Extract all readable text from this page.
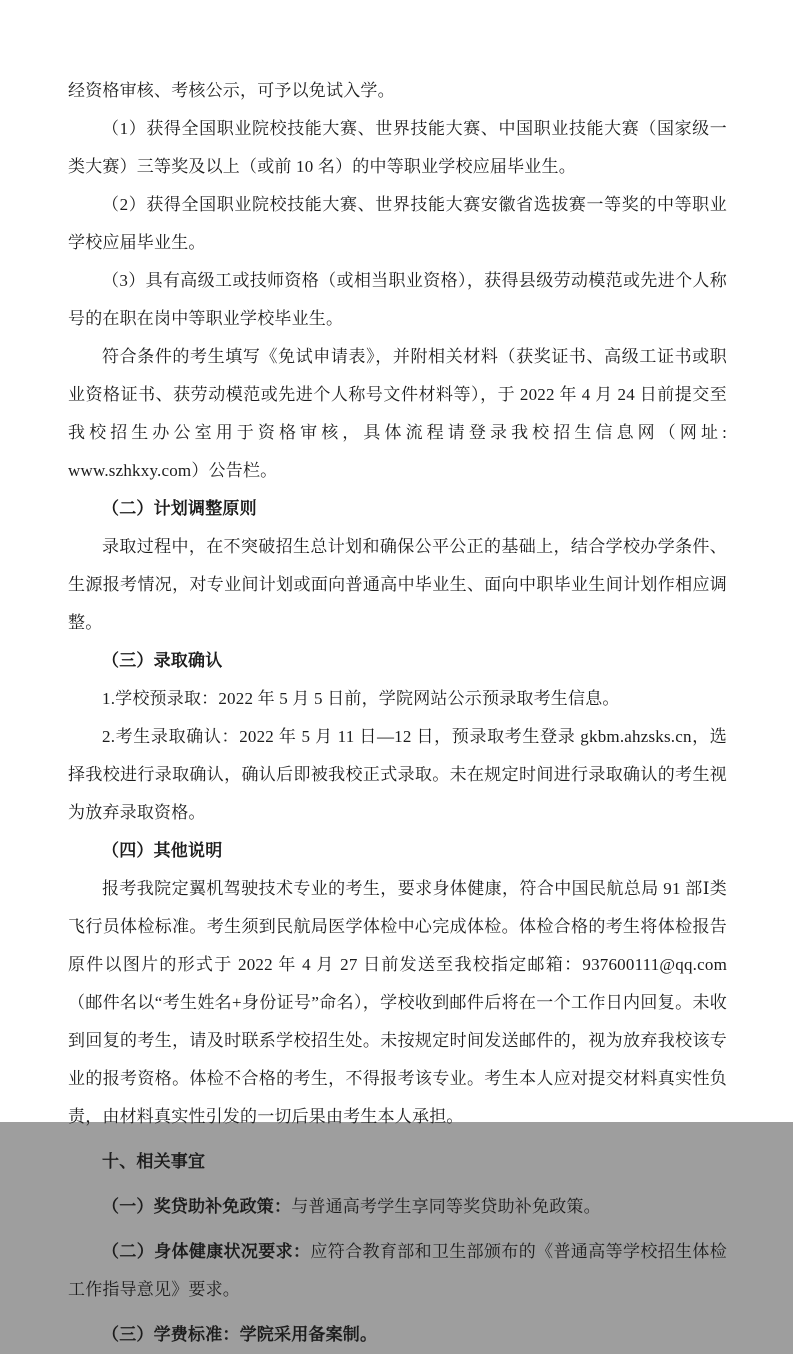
经资格审核、考核公示，可予以免试入学。

（1）获得全国职业院校技能大赛、世界技能大赛、中国职业技能大赛（国家级一类大赛）三等奖及以上（或前 10 名）的中等职业学校应届毕业生。

（2）获得全国职业院校技能大赛、世界技能大赛安徽省选拔赛一等奖的中等职业学校应届毕业生。

（3）具有高级工或技师资格（或相当职业资格），获得县级劳动模范或先进个人称号的在职在岗中等职业学校毕业生。

符合条件的考生填写《免试申请表》，并附相关材料（获奖证书、高级工证书或职业资格证书、获劳动模范或先进个人称号文件材料等），于 2022 年 4 月 24 日前提交至我校招生办公室用于资格审核，具体流程请登录我校招生信息网（网址: www.szhkxy.com）公告栏。

（二）计划调整原则

录取过程中，在不突破招生总计划和确保公平公正的基础上，结合学校办学条件、生源报考情况，对专业间计划或面向普通高中毕业生、面向中职毕业生间计划作相应调整。

（三）录取确认

1.学校预录取：2022 年 5 月 5 日前，学院网站公示预录取考生信息。

2.考生录取确认：2022 年 5 月 11 日—12 日，预录取考生登录 gkbm.ahzsks.cn，选择我校进行录取确认，确认后即被我校正式录取。未在规定时间进行录取确认的考生视为放弃录取资格。

（四）其他说明

报考我院定翼机驾驶技术专业的考生，要求身体健康，符合中国民航总局 91 部Ⅰ类飞行员体检标准。考生须到民航局医学体检中心完成体检。体检合格的考生将体检报告原件以图片的形式于 2022 年 4 月 27 日前发送至我校指定邮箱：937600111@qq.com（邮件名以“考生姓名+身份证号”命名），学校收到邮件后将在一个工作日内回复。未收到回复的考生，请及时联系学校招生处。未按规定时间发送邮件的，视为放弃我校该专业的报考资格。体检不合格的考生，不得报考该专业。考生本人应对提交材料真实性负责，由材料真实性引发的一切后果由考生本人承担。

十、相关事宜

（一）奖贷助补免政策：与普通高考学生享同等奖贷助补免政策。

（二）身体健康状况要求：应符合教育部和卫生部颁布的《普通高等学校招生体检工作指导意见》要求。

（三）学费标准：学院采用备案制。
